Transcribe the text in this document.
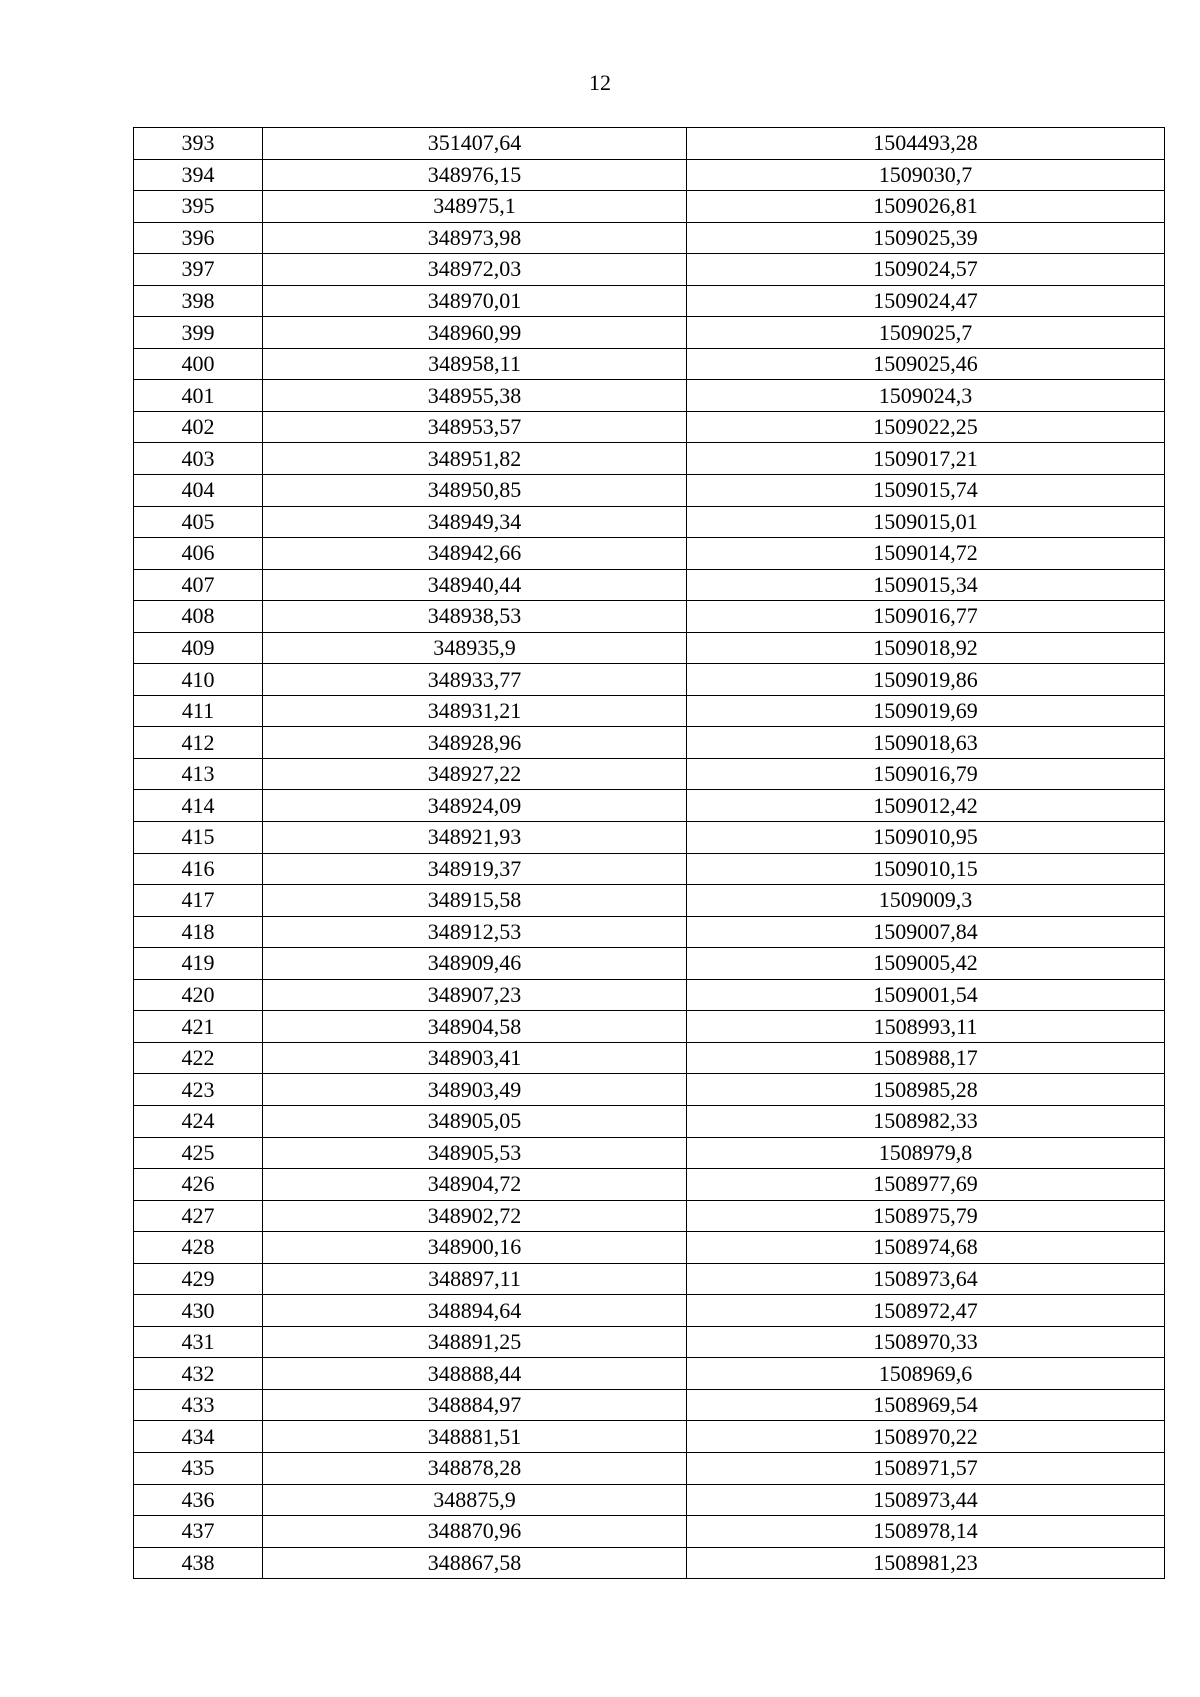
12
393	351407,64	1504493,28
394	348976,15	1509030,7
395	348975,1	1509026,81
396	348973,98	1509025,39
397	348972,03	1509024,57
398	348970,01	1509024,47
399	348960,99	1509025,7
400	348958,11	1509025,46
401	348955,38	1509024,3
402	348953,57	1509022,25
403	348951,82	1509017,21
404	348950,85	1509015,74
405	348949,34	1509015,01
406	348942,66	1509014,72
407	348940,44	1509015,34
408	348938,53	1509016,77
409	348935,9	1509018,92
410	348933,77	1509019,86
411	348931,21	1509019,69
412	348928,96	1509018,63
413	348927,22	1509016,79
414	348924,09	1509012,42
415	348921,93	1509010,95
416	348919,37	1509010,15
417	348915,58	1509009,3
418	348912,53	1509007,84
419	348909,46	1509005,42
420	348907,23	1509001,54
421	348904,58	1508993,11
422	348903,41	1508988,17
423	348903,49	1508985,28
424	348905,05	1508982,33
425	348905,53	1508979,8
426	348904,72	1508977,69
427	348902,72	1508975,79
428	348900,16	1508974,68
429	348897,11	1508973,64
430	348894,64	1508972,47
431	348891,25	1508970,33
432	348888,44	1508969,6
433	348884,97	1508969,54
434	348881,51	1508970,22
435	348878,28	1508971,57
436	348875,9	1508973,44
437	348870,96	1508978,14
438	348867,58	1508981,23
